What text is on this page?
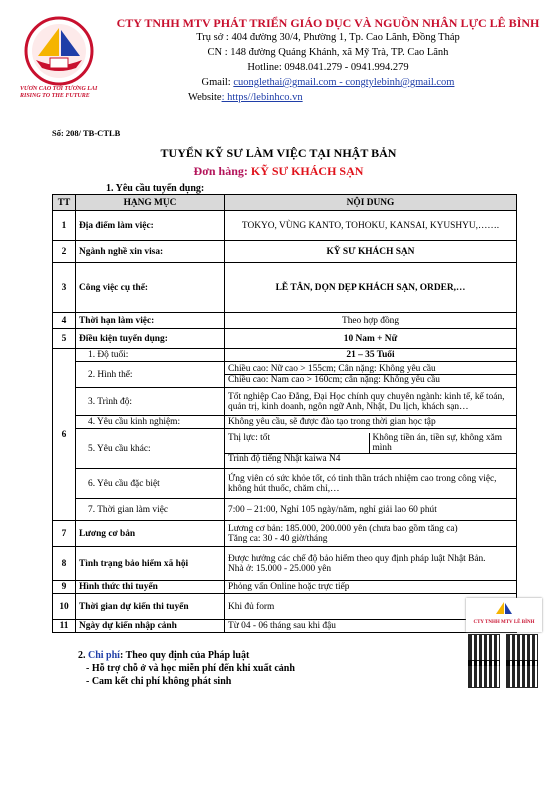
VƯƠN CAO TỚI TƯƠNG LAI
RISING TO THE FUTURE
CTY TNHH MTV PHÁT TRIỂN GIÁO DỤC VÀ NGUỒN NHÂN LỰC LÊ BÌNH
Trụ sở : 404 đường 30/4, Phường 1, Tp. Cao Lãnh, Đồng Tháp
CN : 148 đường Quảng Khánh, xã Mỹ Trà, TP. Cao Lãnh
Hotline: 0948.041.279 - 0941.994.279
Gmail: cuonglethai@gmail.com - congtylebinh@gmail.com
Website: https//lebinhco.vn
Số: 208/ TB-CTLB
TUYỂN KỸ SƯ LÀM VIỆC TẠI NHẬT BẢN
Đơn hàng: KỸ SƯ KHÁCH SẠN
1. Yêu cầu tuyển dụng:
TT	HẠNG MỤC	NỘI DUNG
1	Địa điểm làm việc:	TOKYO, VÙNG KANTO, TOHOKU, KANSAI, KYUSHYU,…….
2	Ngành nghề xin visa:	KỸ SƯ KHÁCH SẠN
3	Công việc cụ thể:	LỄ TÂN, DỌN DẸP KHÁCH SẠN, ORDER,…
4	Thời hạn làm việc:	Theo hợp đồng
5	Điều kiện tuyển dụng:	10 Nam + Nữ
6	1. Độ tuổi:	21 – 35 Tuổi
	2. Hình thể:	Chiều cao: Nữ cao > 155cm; Cân nặng: Không yêu cầu
Chiều cao: Nam cao > 160cm; cân nặng: Không yêu cầu

	3. Trình độ:	Tốt nghiệp Cao Đẳng, Đại Học chính quy chuyên ngành: kinh tế, kế toán, quản trị, kinh doanh, ngôn ngữ Anh, Nhật, Du lịch, khách sạn…
	4. Yêu cầu kinh nghiệm:	Không yêu cầu, sẽ được đào tạo trong thời gian học tập
	5. Yêu cầu khác:	Thị lực: tốt Không tiền án, tiền sự, không xăm mình
Trình độ tiếng Nhật kaiwa N4

	6. Yêu cầu đặc biệt	Ứng viên có sức khỏe tốt, có tinh thần trách nhiệm cao trong công việc, không hút thuốc, chăm chỉ,…
	7. Thời gian làm việc	7:00 – 21:00, Nghỉ 105 ngày/năm, nghỉ giải lao 60 phút
7	Lương cơ bản	Lương cơ bản: 185.000, 200.000 yên (chưa bao gồm tăng ca)
Tăng ca: 30 - 40 giờ/tháng

8	Tình trạng bảo hiểm xã hội	Được hưởng các chế độ bảo hiểm theo quy định pháp luật Nhật Bản.
Nhà ở: 15.000 - 25.000 yên

9	Hình thức thi tuyển	Phỏng vấn Online hoặc trực tiếp
10	Thời gian dự kiến thi tuyển	Khi đủ form
11	Ngày dự kiến nhập cảnh	Từ 04 - 06 tháng sau khi đậu	CTY TNHH MTV LÊ BÌNH
2. Chi phí: Theo quy định của Pháp luật
- Hỗ trợ chỗ ở và học miễn phí đến khi xuất cảnh
- Cam kết chi phí không phát sinh
